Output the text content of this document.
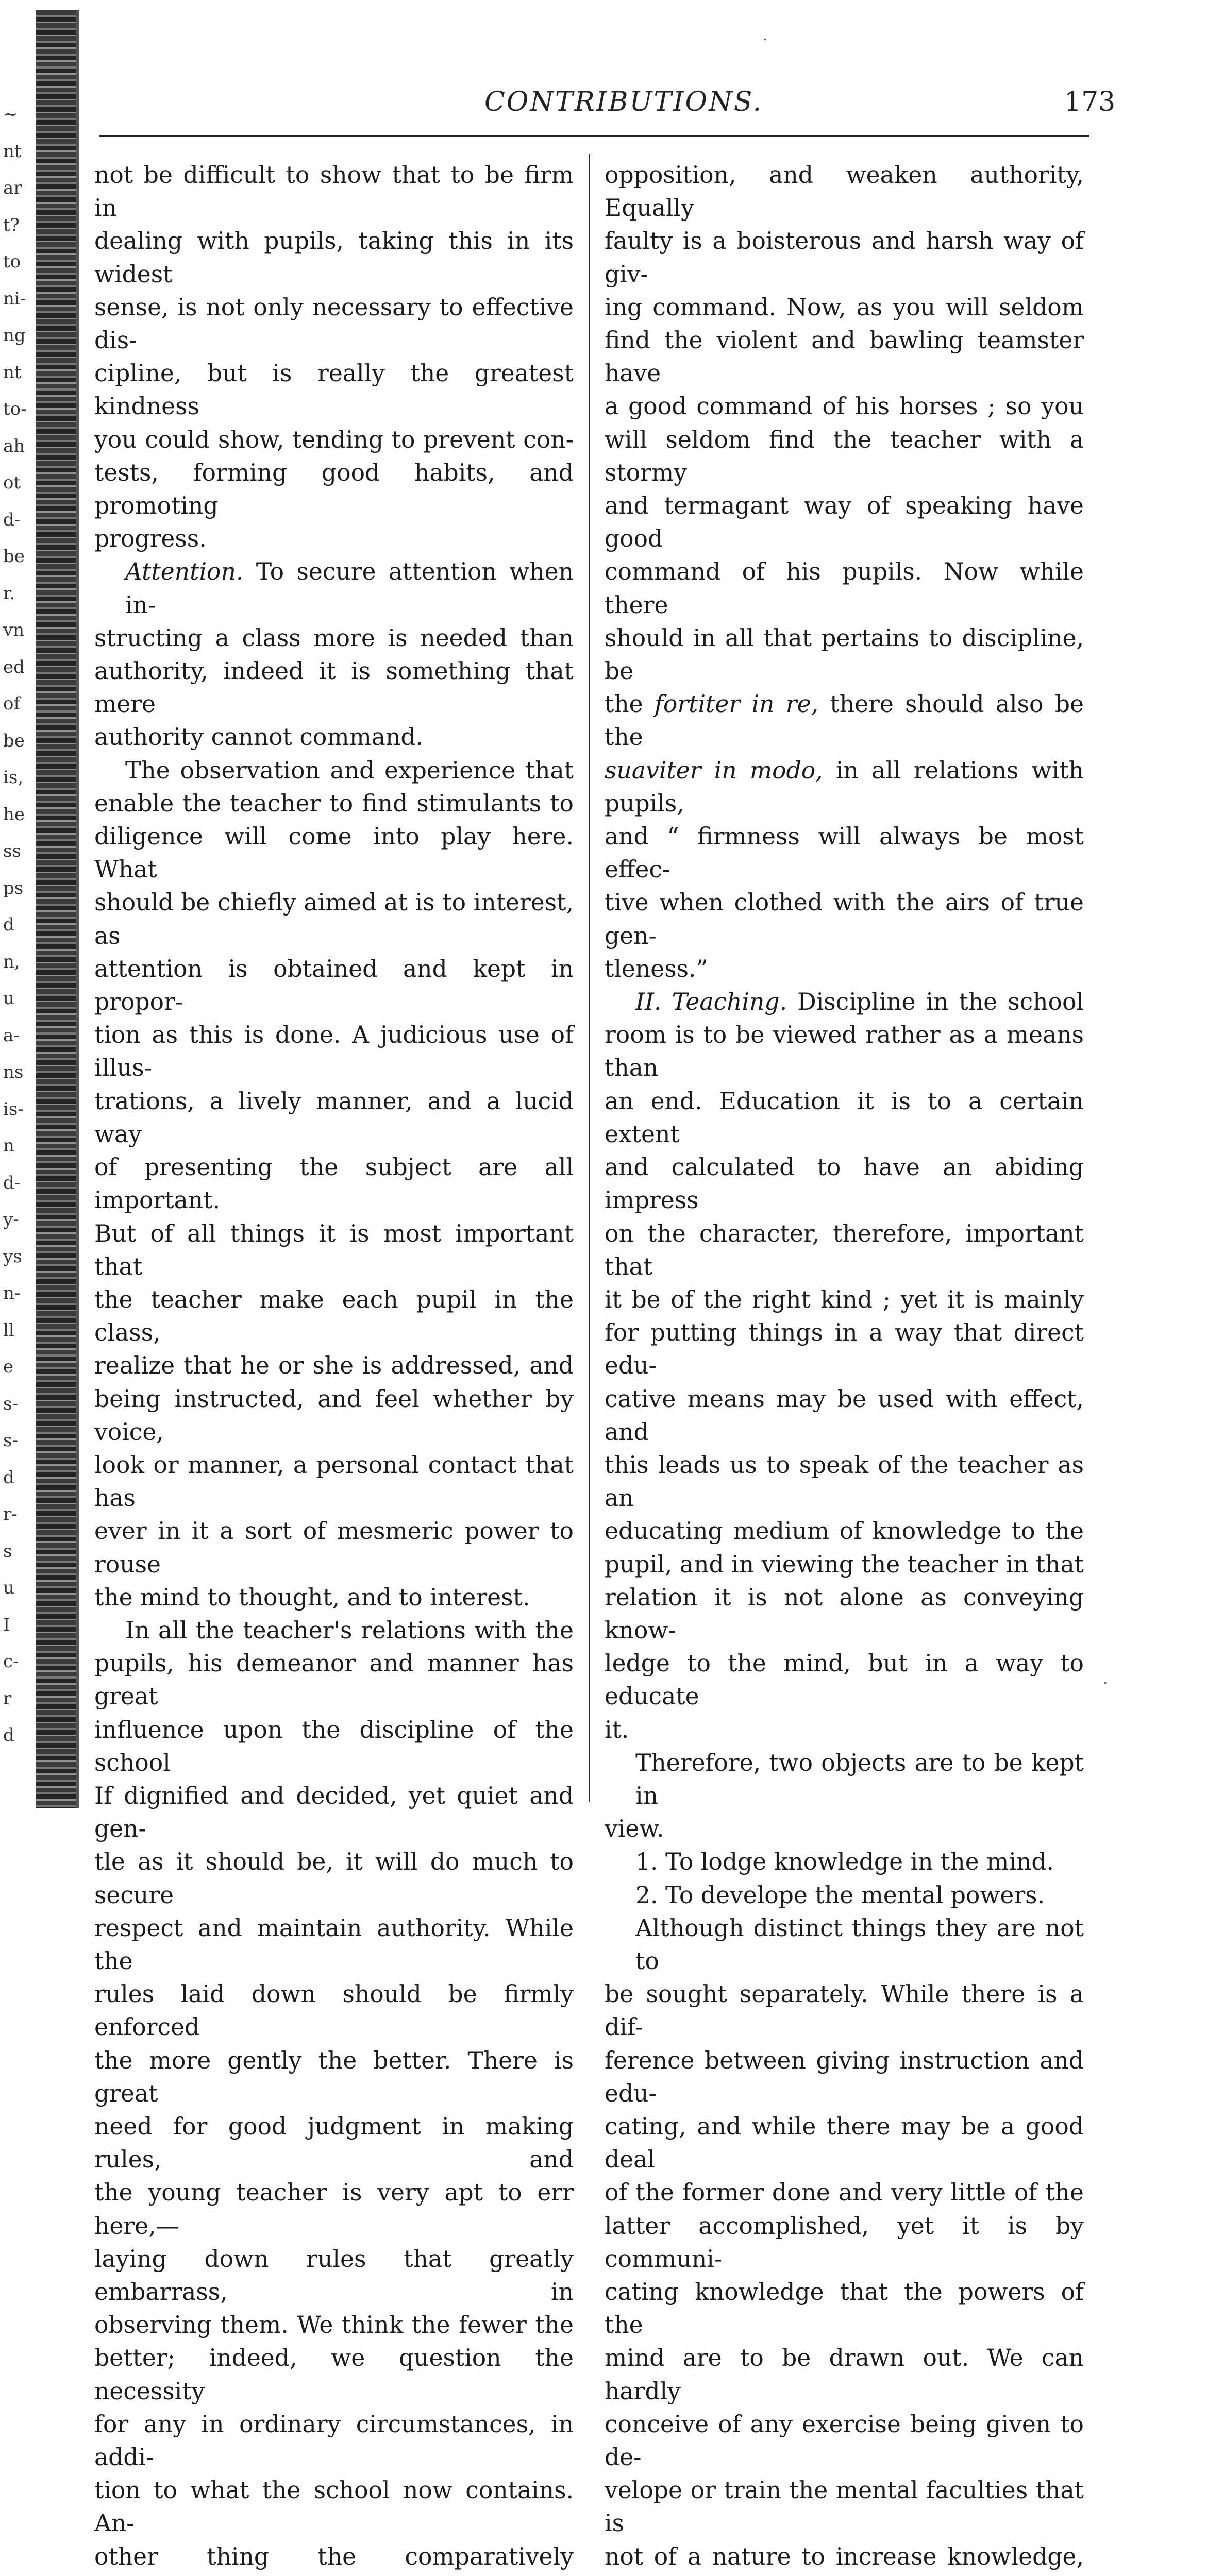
~
nt
ar
t?
to
ni-
ng
nt
to-
ah
ot
d-
be
r.
vn
ed
of
be
is,
he
ss
ps
d
n,
u
a-
ns
is-
n
d-
y-
ys
n-
ll
e
s-
s-
d
r-
s
u
I
c-
r
d
CONTRIBUTIONS.	173

not be difficult to show that to be firm in

dealing with pupils, taking this in its widest

sense, is not only necessary to effective dis-

cipline, but is really the greatest kindness

you could show, tending to prevent con-

tests, forming good habits, and promoting

progress.

Attention. To secure attention when in-

structing a class more is needed than

authority, indeed it is something that mere

authority cannot command.

The observation and experience that

enable the teacher to find stimulants to

diligence will come into play here. What

should be chiefly aimed at is to interest, as

attention is obtained and kept in propor-

tion as this is done. A judicious use of illus-

trations, a lively manner, and a lucid way

of presenting the subject are all important.

But of all things it is most important that

the teacher make each pupil in the class,

realize that he or she is addressed, and

being instructed, and feel whether by voice,

look or manner, a personal contact that has

ever in it a sort of mesmeric power to rouse

the mind to thought, and to interest.

In all the teacher's relations with the

pupils, his demeanor and manner has great

influence upon the discipline of the school

If dignified and decided, yet quiet and gen-

tle as it should be, it will do much to secure

respect and maintain authority. While the

rules laid down should be firmly enforced

the more gently the better. There is great

need for good judgment in making rules, and

the young teacher is very apt to err here,—

laying down rules that greatly embarrass, in

observing them. We think the fewer the

better; indeed, we question the necessity

for any in ordinary circumstances, in addi-

tion to what the school now contains. An-

other thing the comparatively

opposition, and weaken authority, Equally

faulty is a boisterous and harsh way of giv-

ing command. Now, as you will seldom

find the violent and bawling teamster have

a good command of his horses ; so you

will seldom find the teacher with a stormy

and termagant way of speaking have good

command of his pupils. Now while there

should in all that pertains to discipline, be

the fortiter in re, there should also be the

suaviter in modo, in all relations with pupils,

and “ firmness will always be most effec-

tive when clothed with the airs of true gen-

tleness.”

II. Teaching. Discipline in the school

room is to be viewed rather as a means than

an end. Education it is to a certain extent

and calculated to have an abiding impress

on the character, therefore, important that

it be of the right kind ; yet it is mainly

for putting things in a way that direct edu-

cative means may be used with effect, and

this leads us to speak of the teacher as an

educating medium of knowledge to the

pupil, and in viewing the teacher in that

relation it is not alone as conveying know-

ledge to the mind, but in a way to educate

it.

Therefore, two objects are to be kept in

view.

1. To lodge knowledge in the mind.

2. To develope the mental powers.

Although distinct things they are not to

be sought separately. While there is a dif-

ference between giving instruction and edu-

cating, and while there may be a good deal

of the former done and very little of the

latter accomplished, yet it is by communi-

cating knowledge that the powers of the

mind are to be drawn out. We can hardly

conceive of any exercise being given to de-

velope or train the mental faculties that is

not of a nature to increase knowledge,

·
·
